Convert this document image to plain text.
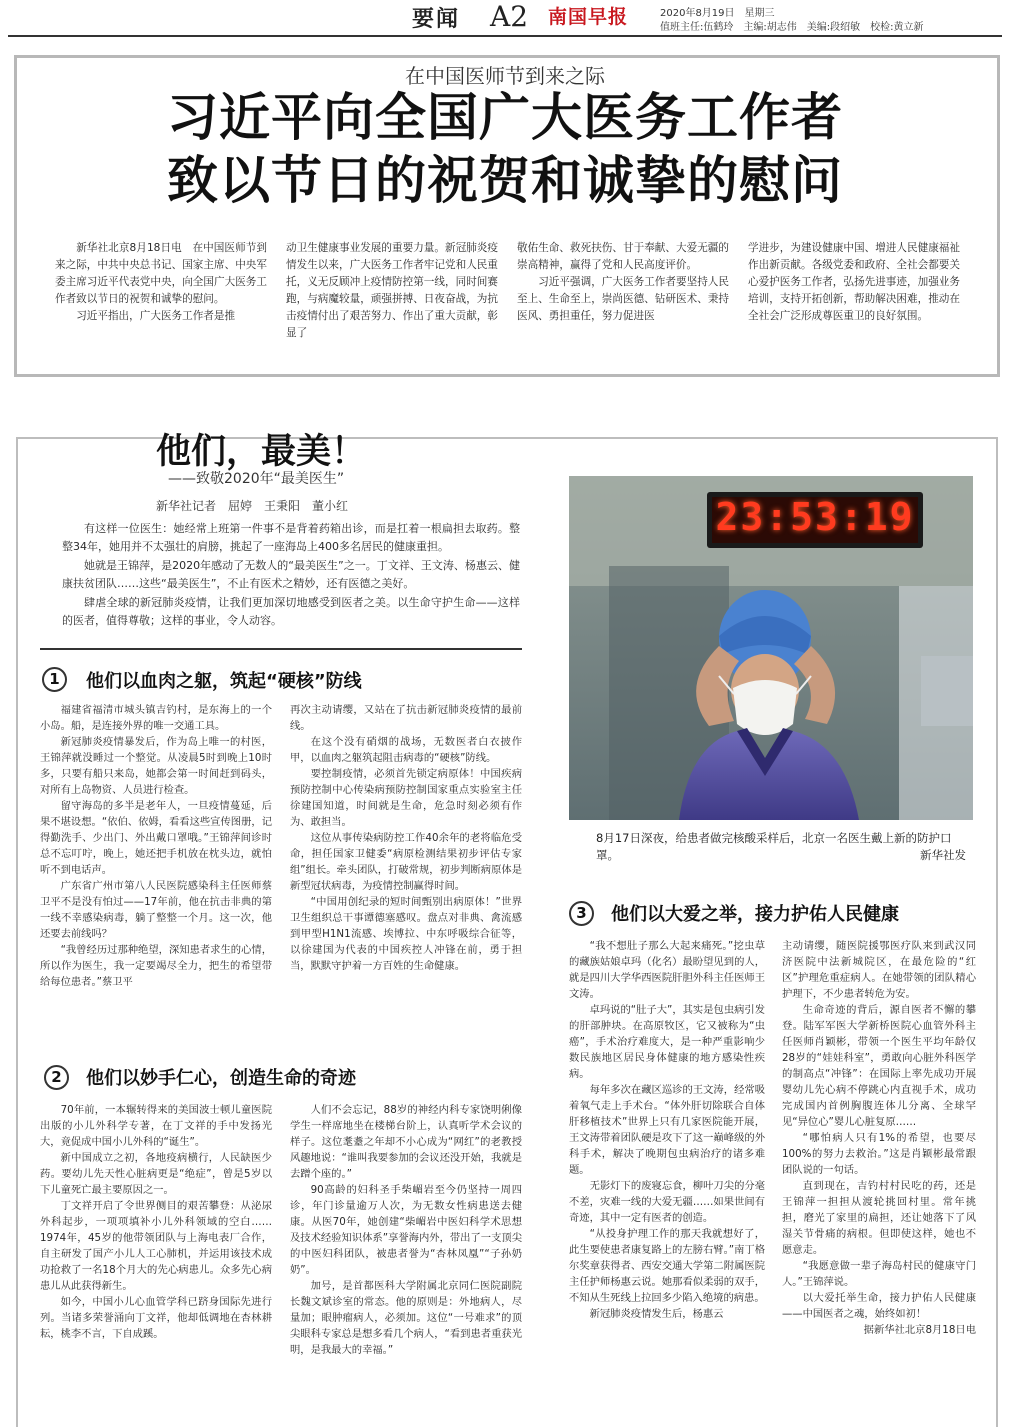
要闻 A2 南国早报	2020年8月19日　星期三
值班主任:伍鹤玲　主编:胡志伟　美编:段绍敏　校检:黄立新
在中国医师节到来之际
习近平向全国广大医务工作者
致以节日的祝贺和诚挚的慰问

新华社北京8月18日电　在中国医师节到来之际，中共中央总书记、国家主席、中央军委主席习近平代表党中央，向全国广大医务工作者致以节日的祝贺和诚挚的慰问。

习近平指出，广大医务工作者是推

动卫生健康事业发展的重要力量。新冠肺炎疫情发生以来，广大医务工作者牢记党和人民重托，义无反顾冲上疫情防控第一线，同时间赛跑，与病魔较量，顽强拼搏、日夜奋战，为抗击疫情付出了艰苦努力、作出了重大贡献，彰显了

敬佑生命、救死扶伤、甘于奉献、大爱无疆的崇高精神，赢得了党和人民高度评价。

习近平强调，广大医务工作者要坚持人民至上、生命至上，崇尚医德、钻研医术、秉持医风、勇担重任，努力促进医

学进步，为建设健康中国、增进人民健康福祉作出新贡献。各级党委和政府、全社会都要关心爱护医务工作者，弘扬先进事迹，加强业务培训，支持开拓创新，帮助解决困难，推动在全社会广泛形成尊医重卫的良好氛围。

他们，最美！
——致敬2020年“最美医生”
新华社记者　屈婷　王秉阳　董小红

有这样一位医生：她经常上班第一件事不是背着药箱出诊，而是扛着一根扁担去取药。整整34年，她用并不太强壮的肩膀，挑起了一座海岛上400多名居民的健康重担。

她就是王锦萍，是2020年感动了无数人的“最美医生”之一。丁文祥、王文涛、杨惠云、健康扶贫团队……这些“最美医生”，不止有医术之精妙，还有医德之美好。

肆虐全球的新冠肺炎疫情，让我们更加深切地感受到医者之美。以生命守护生命——这样的医者，值得尊敬；这样的事业，令人动容。

1	他们以血肉之躯，筑起“硬核”防线

福建省福清市城头镇吉钓村，是东海上的一个小岛。船，是连接外界的唯一交通工具。

新冠肺炎疫情暴发后，作为岛上唯一的村医，王锦萍就没睡过一个整觉。从凌晨5时到晚上10时多，只要有船只来岛，她都会第一时间赶到码头，对所有上岛物资、人员进行检查。

留守海岛的多半是老年人，一旦疫情蔓延，后果不堪设想。“依伯、依姆，看看这些宣传图册，记得勤洗手、少出门、外出戴口罩哦。”王锦萍间诊时总不忘叮咛，晚上，她还把手机放在枕头边，就怕听不到电话声。

广东省广州市第八人民医院感染科主任医师蔡卫平不是没有怕过——17年前，他在抗击非典的第一线不幸感染病毒，躺了整整一个月。这一次，他还要去前线吗？

“我曾经历过那种绝望，深知患者求生的心情，所以作为医生，我一定要竭尽全力，把生的希望带给每位患者。”蔡卫平

再次主动请缨，又站在了抗击新冠肺炎疫情的最前线。

在这个没有硝烟的战场，无数医者白衣披作甲，以血肉之躯筑起阻击病毒的“硬核”防线。

要控制疫情，必须首先锁定病原体！中国疾病预防控制中心传染病预防控制国家重点实验室主任徐建国知道，时间就是生命，危急时刻必须有作为、敢担当。

这位从事传染病防控工作40余年的老将临危受命，担任国家卫健委“病原检测结果初步评估专家组”组长。牵头团队，打破常规，初步判断病原体是新型冠状病毒，为疫情控制赢得时间。

“中国用创纪录的短时间甄别出病原体！”世界卫生组织总干事谭德塞感叹。盘点对非典、禽流感到甲型H1N1流感、埃博拉、中东呼吸综合征等，以徐建国为代表的中国疾控人冲锋在前，勇于担当，默默守护着一方百姓的生命健康。

2	他们以妙手仁心，创造生命的奇迹

70年前，一本辗转得来的美国波士顿儿童医院出版的小儿外科学专著，在丁文祥的手中发扬光大，竟促成中国小儿外科的“诞生”。

新中国成立之初，各地疫病横行，人民缺医少药。要幼儿先天性心脏病更是“绝症”，曾是5岁以下儿童死亡最主要原因之一。

丁文祥开启了令世界侧目的艰苦攀登：从泌尿外科起步，一项项填补小儿外科领域的空白……1974年，45岁的他带领团队与上海电表厂合作，自主研发了国产小儿人工心肺机，并运用该技术成功抢救了一名18个月大的先心病患儿。众多先心病患儿从此获得新生。

如今，中国小儿心血管学科已跻身国际先进行列。当诸多荣誉涌向丁文祥，他却低调地在杏林耕耘，桃李不言，下自成蹊。

人们不会忘记，88岁的神经内科专家饶明俐像学生一样席地坐在楼梯台阶上，认真听学术会议的样子。这位耄耋之年却不小心成为“网红”的老教授风趣地说：“谁叫我要参加的会议还没开始，我就是去蹭个座的。”

90高龄的妇科圣手柴嵋岩至今仍坚持一周四诊，年门诊量逾万人次，为无数女性病患送去健康。从医70年，她创建“柴嵋岩中医妇科学术思想及技术经验知识体系”享誉海内外，带出了一支顶尖的中医妇科团队，被患者誉为“杏林凤凰”“子孙奶奶”。

加号，是首都医科大学附属北京同仁医院副院长魏文斌诊室的常态。他的原则是：外地病人，尽量加；眼肿瘤病人，必须加。这位“一号难求”的顶尖眼科专家总是想多看几个病人，“看到患者重获光明，是我最大的幸福。”

23:53:19
8月17日深夜，给患者做完核酸采样后，北京一名医生戴上新的防护口罩。	新华社发
3	他们以大爱之举，接力护佑人民健康

“我不想肚子那么大起来痛死。”挖虫草的藏族姑娘卓玛（化名）最盼望见到的人，就是四川大学华西医院肝胆外科主任医师王文涛。

卓玛说的“肚子大”，其实是包虫病引发的肝部肿块。在高原牧区，它又被称为“虫癌”，手术治疗难度大，是一种严重影响少数民族地区居民身体健康的地方感染性疾病。

每年多次在藏区巡诊的王文涛，经常吸着氧气走上手术台。“体外肝切除联合自体肝移植技术”世界上只有几家医院能开展，王文涛带着团队硬是攻下了这一巅峰级的外科手术，解决了晚期包虫病治疗的诸多难题。

无影灯下的废寝忘食，柳叶刀尖的分毫不差，灾难一线的大爱无疆……如果世间有奇迹，其中一定有医者的创造。

“从投身护理工作的那天我就想好了，此生要使患者康复路上的左膀右臂。”南丁格尔奖章获得者、西安交通大学第二附属医院主任护师杨惠云说。她那看似柔弱的双手，不知从生死线上拉回多少陷入绝境的病患。

新冠肺炎疫情发生后，杨惠云

主动请缨，随医院援鄂医疗队来到武汉同济医院中法新城院区，在最危险的“红区”护理危重症病人。在她带领的团队精心护理下，不少患者转危为安。

生命奇迹的背后，源自医者不懈的攀登。陆军军医大学新桥医院心血管外科主任医师肖颖彬，带领一个医生平均年龄仅28岁的“娃娃科室”，勇敢向心脏外科医学的制高点“冲锋”：在国际上率先成功开展婴幼儿先心病不停跳心内直视手术，成功完成国内首例胸腹连体儿分离、全球罕见“异位心”婴儿心脏复原……

“哪怕病人只有1%的希望，也要尽100%的努力去救治。”这是肖颖彬最常跟团队说的一句话。

直到现在，吉钓村村民吃的药，还是王锦萍一担担从渡轮挑回村里。常年挑担，磨光了家里的扁担，还让她落下了风湿关节骨痛的病根。但即使这样，她也不愿意走。

“我愿意做一辈子海岛村民的健康守门人。”王锦萍说。

以大爱托举生命，接力护佑人民健康——中国医者之魂，始终如初！

据新华社北京8月18日电
